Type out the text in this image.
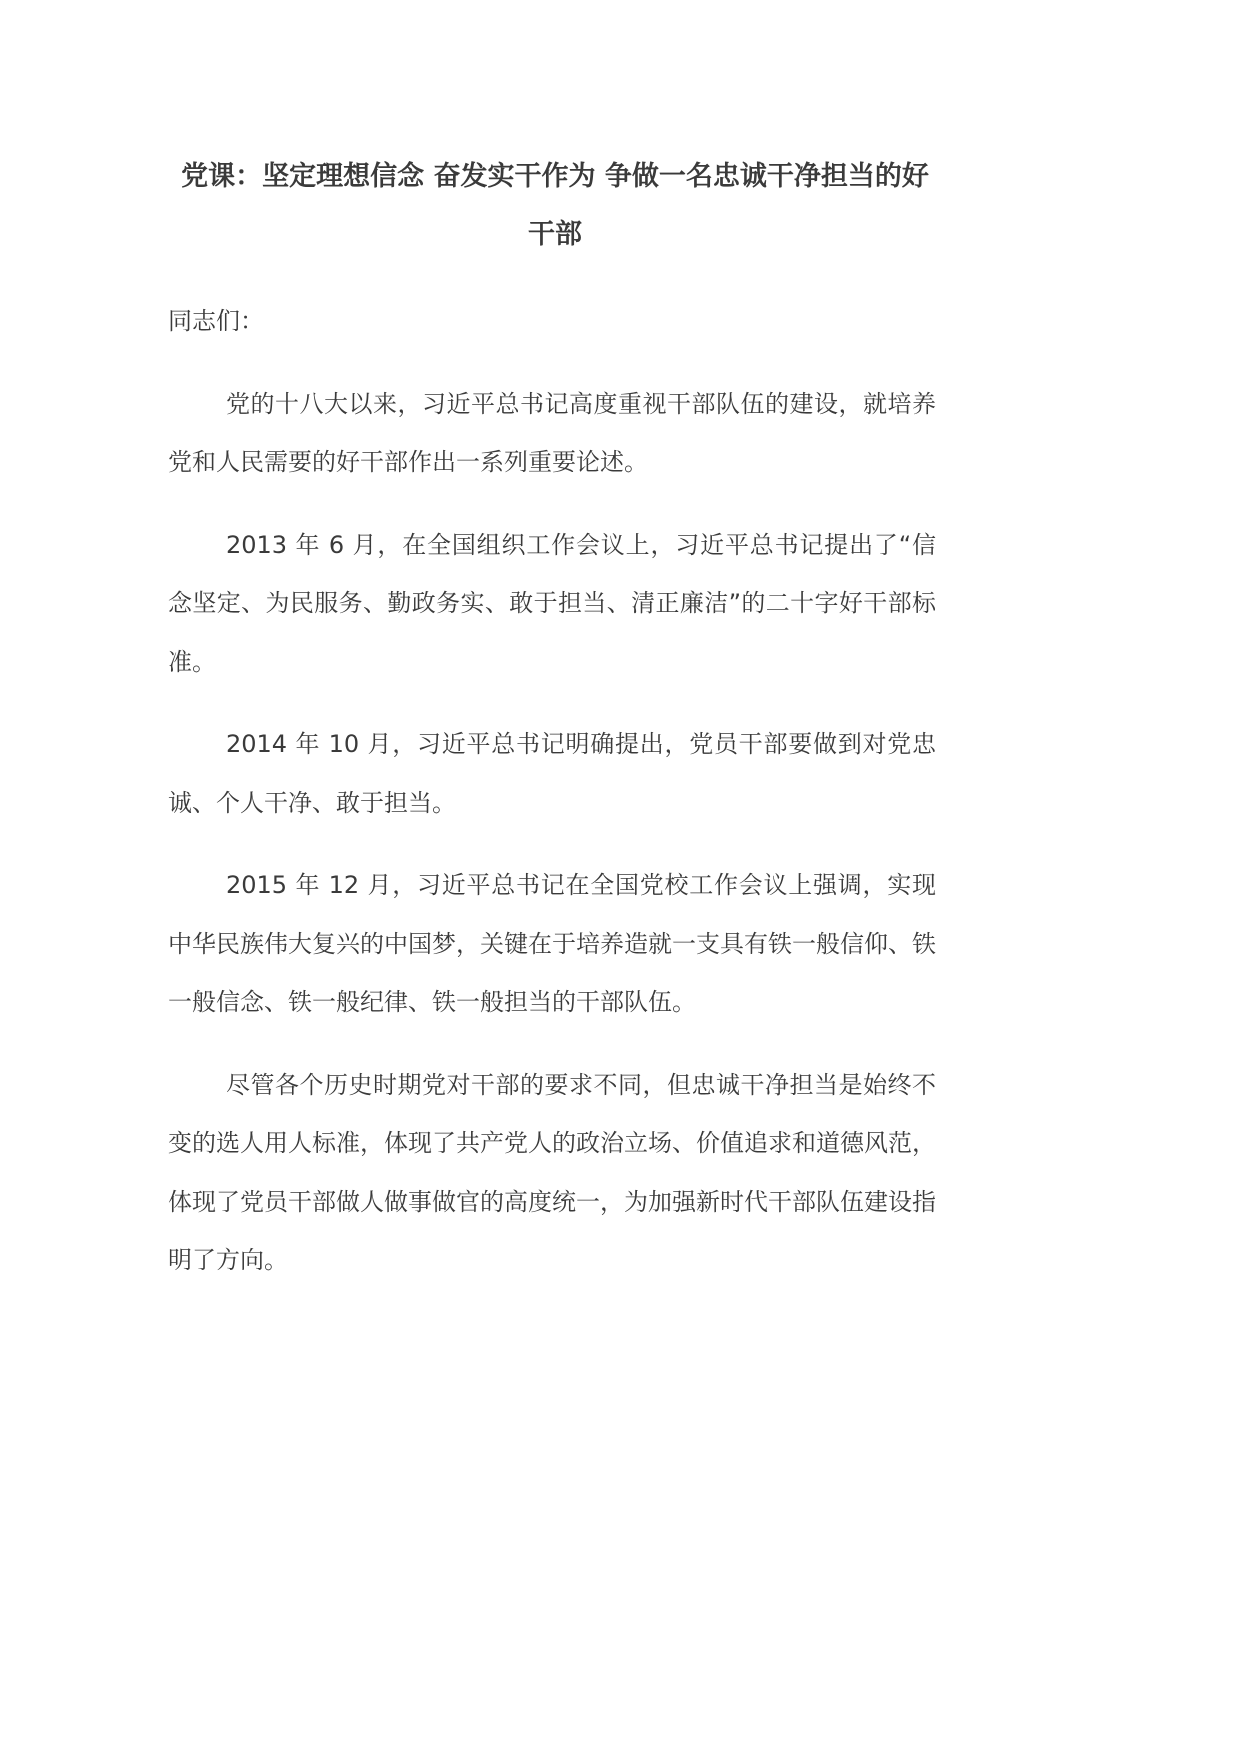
党课：坚定理想信念 奋发实干作为 争做一名忠诚干净担当的好干部

同志们：

党的十八大以来，习近平总书记高度重视干部队伍的建设，就培养党和人民需要的好干部作出一系列重要论述。

2013 年 6 月，在全国组织工作会议上，习近平总书记提出了“信念坚定、为民服务、勤政务实、敢于担当、清正廉洁”的二十字好干部标准。

2014 年 10 月，习近平总书记明确提出，党员干部要做到对党忠诚、个人干净、敢于担当。

2015 年 12 月，习近平总书记在全国党校工作会议上强调，实现中华民族伟大复兴的中国梦，关键在于培养造就一支具有铁一般信仰、铁一般信念、铁一般纪律、铁一般担当的干部队伍。

尽管各个历史时期党对干部的要求不同，但忠诚干净担当是始终不变的选人用人标准，体现了共产党人的政治立场、价值追求和道德风范，体现了党员干部做人做事做官的高度统一，为加强新时代干部队伍建设指明了方向。
